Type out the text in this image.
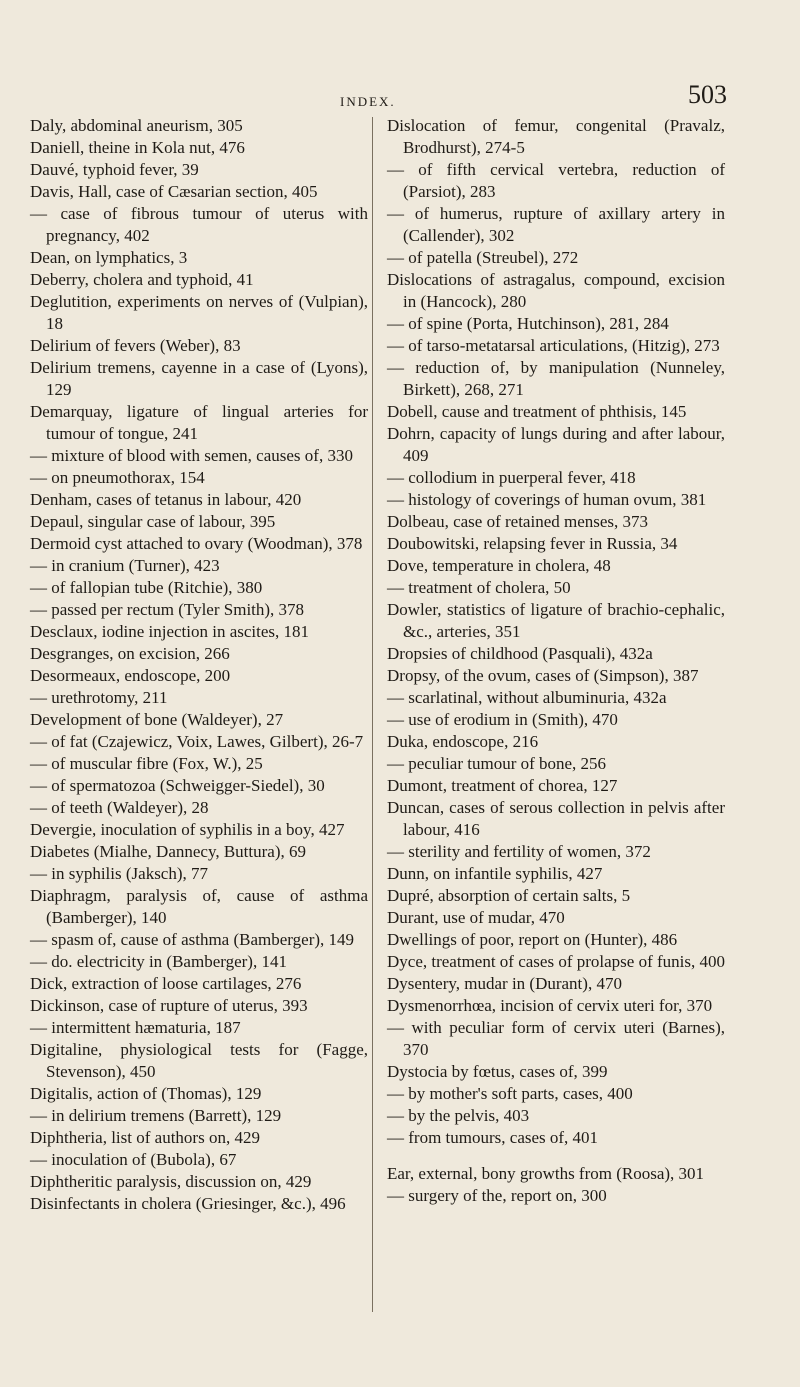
INDEX.	503
Daly, abdominal aneurism, 305
Daniell, theine in Kola nut, 476
Dauvé, typhoid fever, 39
Davis, Hall, case of Cæsarian section, 405
— case of fibrous tumour of uterus with pregnancy, 402
Dean, on lymphatics, 3
Deberry, cholera and typhoid, 41
Deglutition, experiments on nerves of (Vulpian), 18
Delirium of fevers (Weber), 83
Delirium tremens, cayenne in a case of (Lyons), 129
Demarquay, ligature of lingual arteries for tumour of tongue, 241
— mixture of blood with semen, causes of, 330
— on pneumothorax, 154
Denham, cases of tetanus in labour, 420
Depaul, singular case of labour, 395
Dermoid cyst attached to ovary (Woodman), 378
— in cranium (Turner), 423
— of fallopian tube (Ritchie), 380
— passed per rectum (Tyler Smith), 378
Desclaux, iodine injection in ascites, 181
Desgranges, on excision, 266
Desormeaux, endoscope, 200
— urethrotomy, 211
Development of bone (Waldeyer), 27
— of fat (Czajewicz, Voix, Lawes, Gilbert), 26-7
— of muscular fibre (Fox, W.), 25
— of spermatozoa (Schweigger-Siedel), 30
— of teeth (Waldeyer), 28
Devergie, inoculation of syphilis in a boy, 427
Diabetes (Mialhe, Dannecy, Buttura), 69
— in syphilis (Jaksch), 77
Diaphragm, paralysis of, cause of asthma (Bamberger), 140
— spasm of, cause of asthma (Bamberger), 149
— do. electricity in (Bamberger), 141
Dick, extraction of loose cartilages, 276
Dickinson, case of rupture of uterus, 393
— intermittent hæmaturia, 187
Digitaline, physiological tests for (Fagge, Stevenson), 450
Digitalis, action of (Thomas), 129
— in delirium tremens (Barrett), 129
Diphtheria, list of authors on, 429
— inoculation of (Bubola), 67
Diphtheritic paralysis, discussion on, 429
Disinfectants in cholera (Griesinger, &c.), 496
Dislocation of femur, congenital (Pravalz, Brodhurst), 274-5
— of fifth cervical vertebra, reduction of (Parsiot), 283
— of humerus, rupture of axillary artery in (Callender), 302
— of patella (Streubel), 272
Dislocations of astragalus, compound, excision in (Hancock), 280
— of spine (Porta, Hutchinson), 281, 284
— of tarso-metatarsal articulations, (Hitzig), 273
— reduction of, by manipulation (Nunneley, Birkett), 268, 271
Dobell, cause and treatment of phthisis, 145
Dohrn, capacity of lungs during and after labour, 409
— collodium in puerperal fever, 418
— histology of coverings of human ovum, 381
Dolbeau, case of retained menses, 373
Doubowitski, relapsing fever in Russia, 34
Dove, temperature in cholera, 48
— treatment of cholera, 50
Dowler, statistics of ligature of brachio-cephalic, &c., arteries, 351
Dropsies of childhood (Pasquali), 432a
Dropsy, of the ovum, cases of (Simpson), 387
— scarlatinal, without albuminuria, 432a
— use of erodium in (Smith), 470
Duka, endoscope, 216
— peculiar tumour of bone, 256
Dumont, treatment of chorea, 127
Duncan, cases of serous collection in pelvis after labour, 416
— sterility and fertility of women, 372
Dunn, on infantile syphilis, 427
Dupré, absorption of certain salts, 5
Durant, use of mudar, 470
Dwellings of poor, report on (Hunter), 486
Dyce, treatment of cases of prolapse of funis, 400
Dysentery, mudar in (Durant), 470
Dysmenorrhœa, incision of cervix uteri for, 370
— with peculiar form of cervix uteri (Barnes), 370
Dystocia by fœtus, cases of, 399
— by mother's soft parts, cases, 400
— by the pelvis, 403
— from tumours, cases of, 401
Ear, external, bony growths from (Roosa), 301
— surgery of the, report on, 300
